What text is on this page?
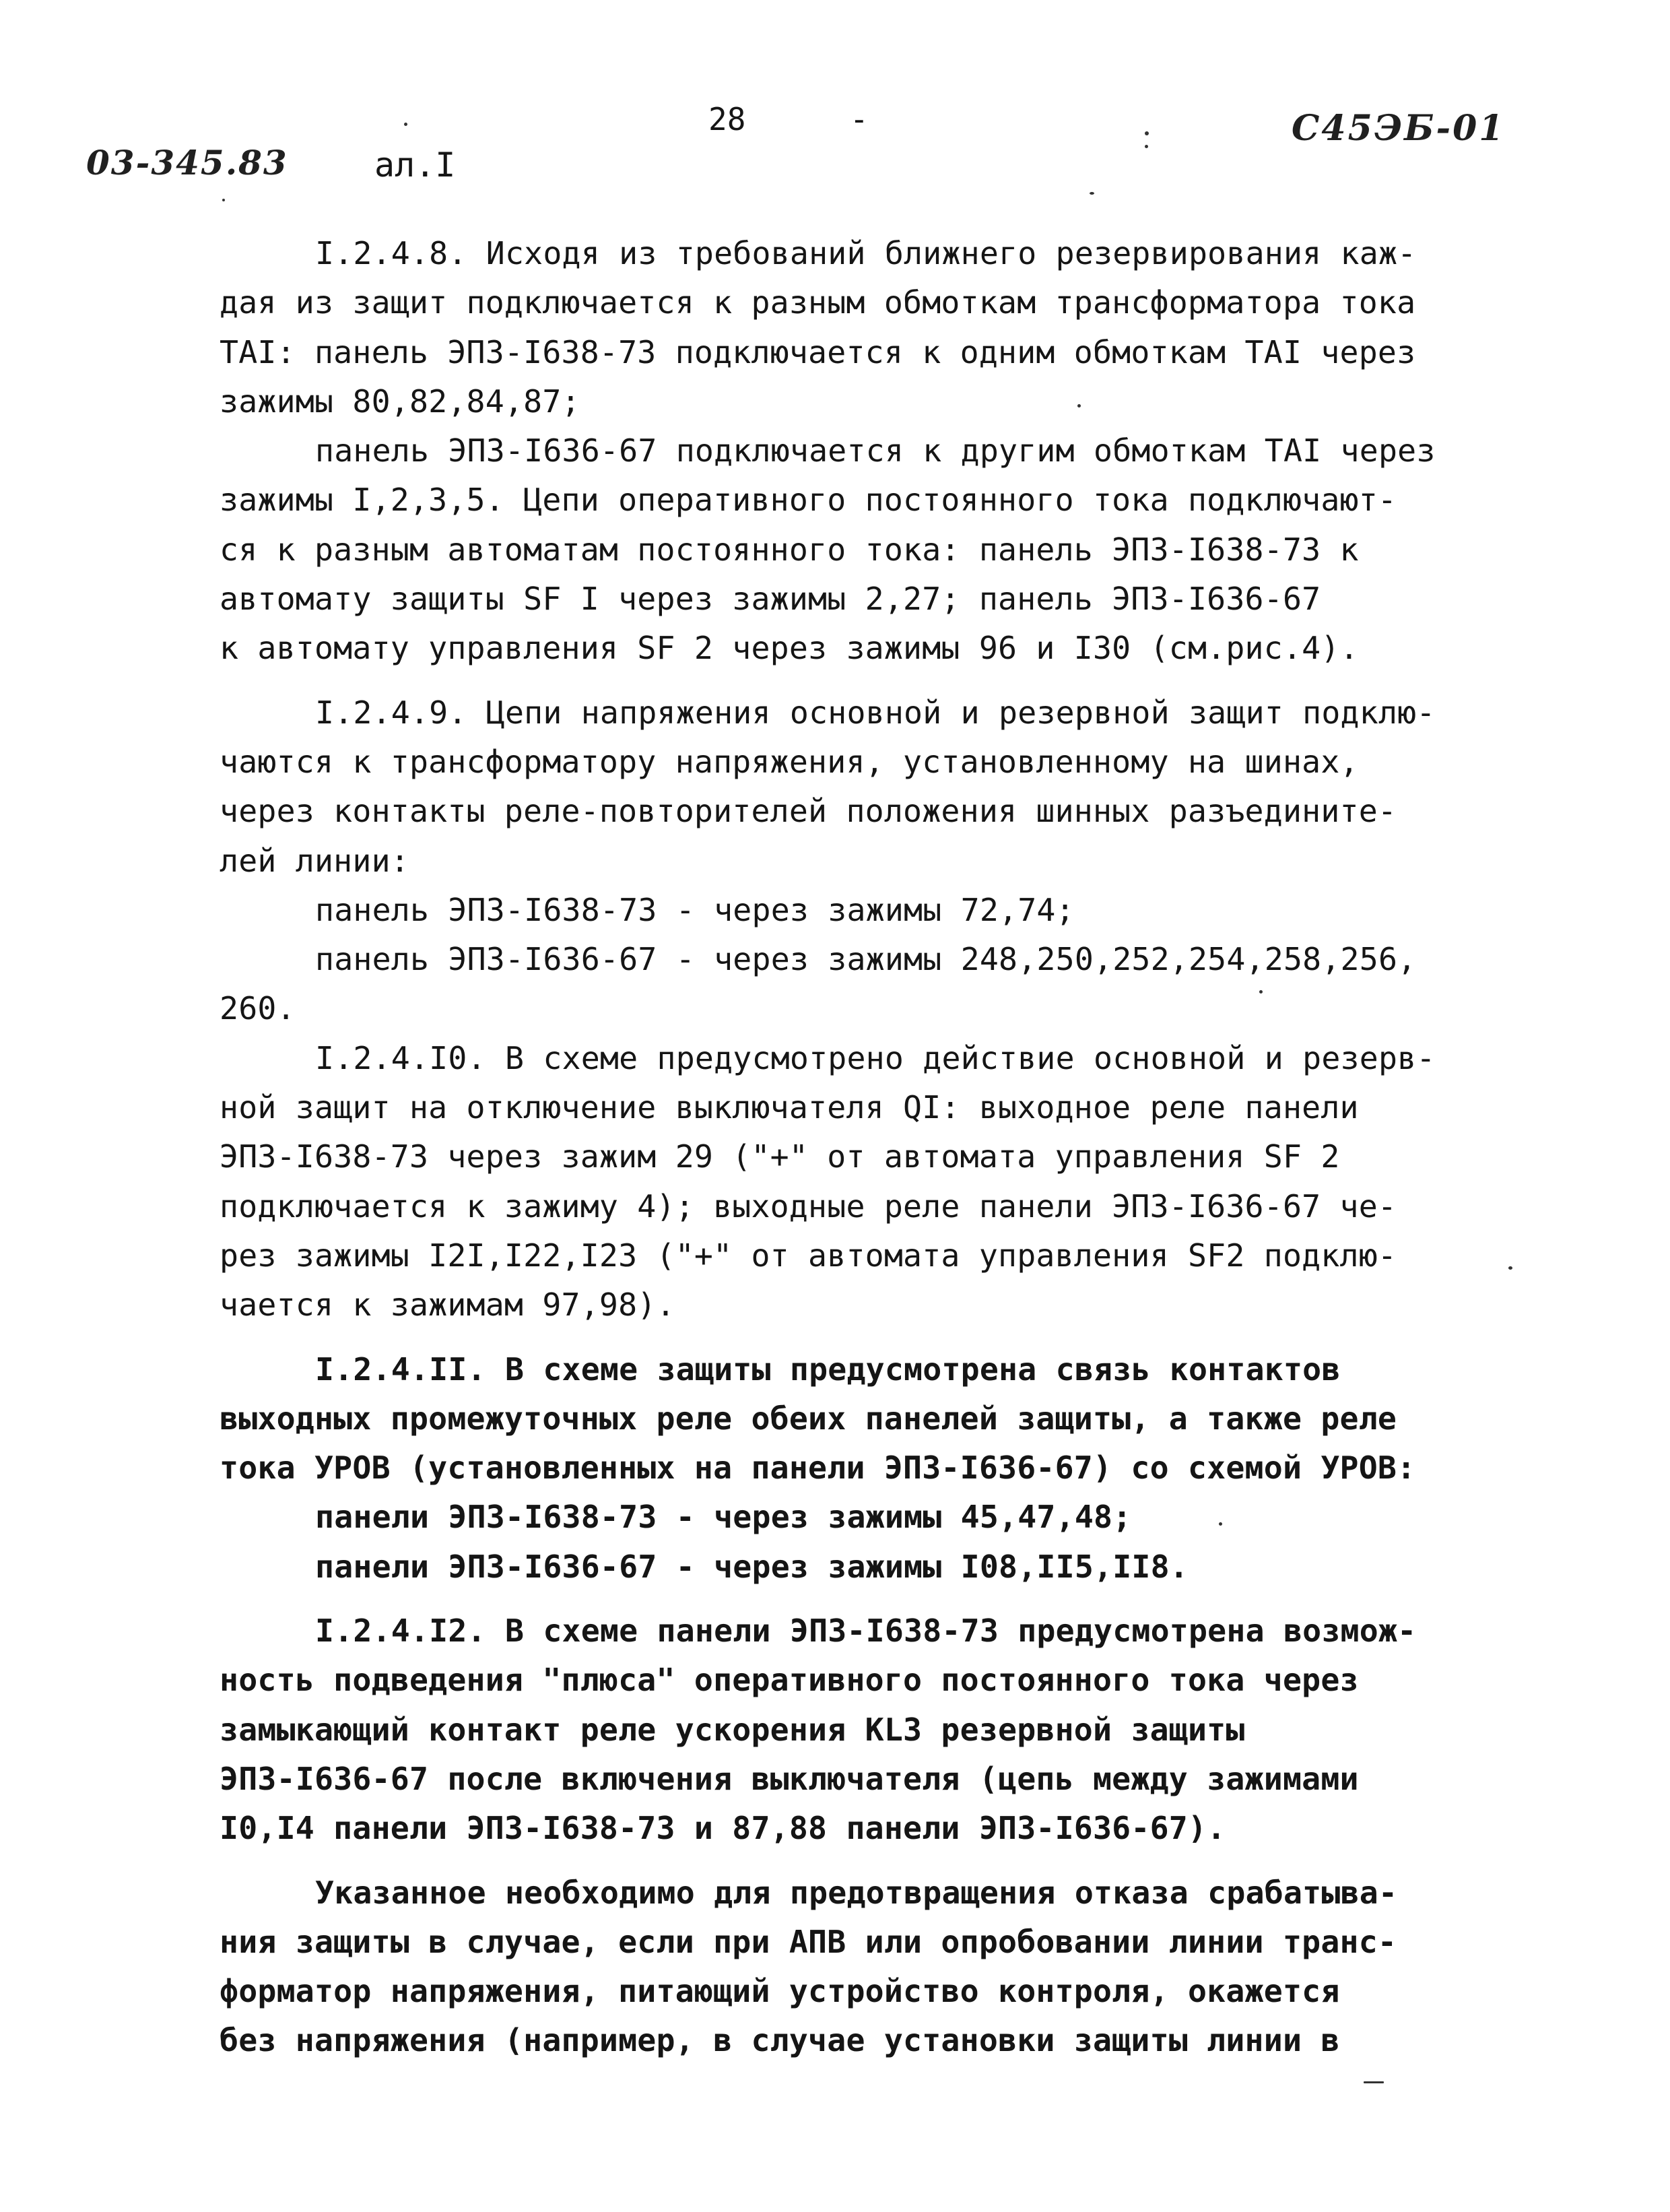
28	-
03-345.83	ал.I
С45ЭБ-01
I.2.4.8. Исходя из требований ближнего резервирования каж-
дая из защит подключается к разным обмоткам трансформатора тока
ТАI: панель ЭПЗ-I638-73 подключается к одним обмоткам ТАI через
зажимы 80,82,84,87;
панель ЭПЗ-I636-67 подключается к другим обмоткам ТАI через
зажимы I,2,3,5. Цепи оперативного постоянного тока подключают-
ся к разным автоматам постоянного тока: панель ЭПЗ-I638-73 к
автомату защиты SF I через зажимы 2,27; панель ЭПЗ-I636-67
к автомату управления SF 2 через зажимы 96 и I30 (см.рис.4).
I.2.4.9. Цепи напряжения основной и резервной защит подклю-
чаются к трансформатору напряжения, установленному на шинах,
через контакты реле-повторителей положения шинных разъедините-
лей линии:
панель ЭПЗ-I638-73 - через зажимы 72,74;
панель ЭПЗ-I636-67 - через зажимы 248,250,252,254,258,256,
260.
I.2.4.I0. В схеме предусмотрено действие основной и резерв-
ной защит на отключение выключателя QI: выходное реле панели
ЭПЗ-I638-73 через зажим 29 ("+" от автомата управления SF 2
подключается к зажиму 4); выходные реле панели ЭПЗ-I636-67 че-
рез зажимы I2I,I22,I23 ("+" от автомата управления SF2 подклю-
чается к зажимам 97,98).
I.2.4.II. В схеме защиты предусмотрена связь контактов
выходных промежуточных реле обеих панелей защиты, а также реле
тока УРОВ (установленных на панели ЭПЗ-I636-67) со схемой УРОВ:
панели ЭПЗ-I638-73 - через зажимы 45,47,48;
панели ЭПЗ-I636-67 - через зажимы I08,II5,II8.
I.2.4.I2. В схеме панели ЭПЗ-I638-73 предусмотрена возмож-
ность подведения "плюса" оперативного постоянного тока через
замыкающий контакт реле ускорения KL3 резервной защиты
ЭПЗ-I636-67 после включения выключателя (цепь между зажимами
I0,I4 панели ЭПЗ-I638-73 и 87,88 панели ЭПЗ-I636-67).
Указанное необходимо для предотвращения отказа срабатыва-
ния защиты в случае, если при АПВ или опробовании линии транс-
форматор напряжения, питающий устройство контроля, окажется
без напряжения (например, в случае установки защиты линии в
